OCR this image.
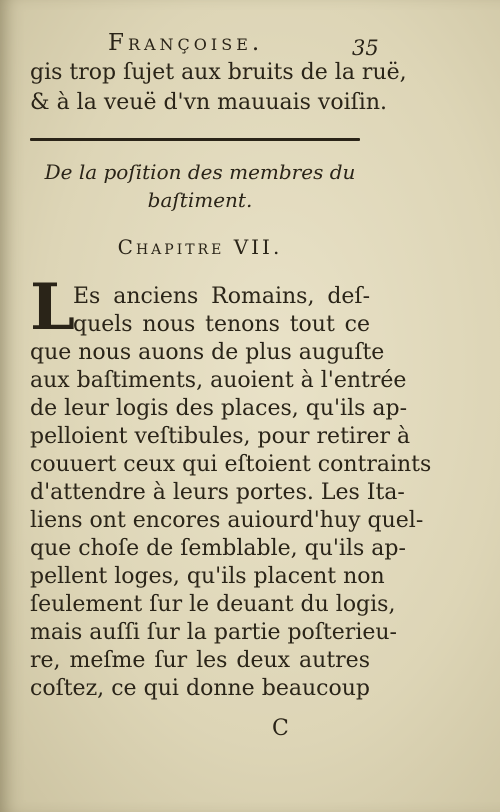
Françoise.	35
gis trop ſujet aux bruits de la ruë,
& à la veuë d'vn mauuais voiſin.
De la poſition des membres du
baſtiment.
Chapitre VII.
L
Es anciens Romains, deſ-
quels nous tenons tout ce
que nous auons de plus auguſte
aux baſtiments, auoient à l'entrée
de leur logis des places, qu'ils ap-
pelloient veſtibules, pour retirer à
couuert ceux qui eſtoient contraints
d'attendre à leurs portes. Les Ita-
liens ont encores auiourd'huy quel-
que choſe de ſemblable, qu'ils ap-
pellent loges, qu'ils placent non
ſeulement ſur le deuant du logis,
mais auſſi ſur la partie poſterieu-
re, meſme ſur les deux autres
coſtez, ce qui donne beaucoup
C
